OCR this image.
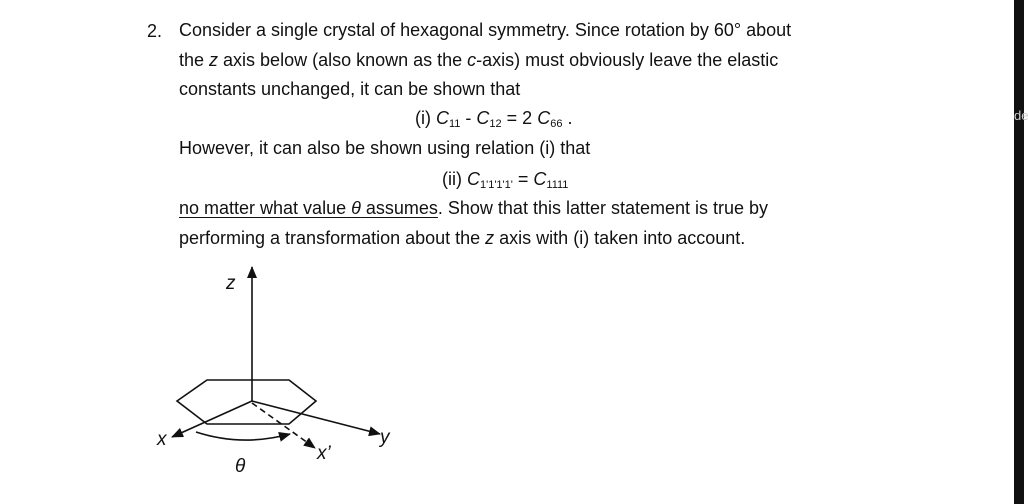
2. Consider a single crystal of hexagonal symmetry. Since rotation by 60° about
the z axis below (also known as the c-axis) must obviously leave the elastic
constants unchanged, it can be shown that
(i) $C_{11} - C_{12} = 2$ $C_{66}$ .
However, it can also be shown using relation (i) that
(ii) $C_{1'1'1'1'} = C_{1111}$
no matter what value θ assumes. Show that this latter statement is true by
performing a transformation about the z axis with (i) taken into account.
z
x	y
x’
θ
de
